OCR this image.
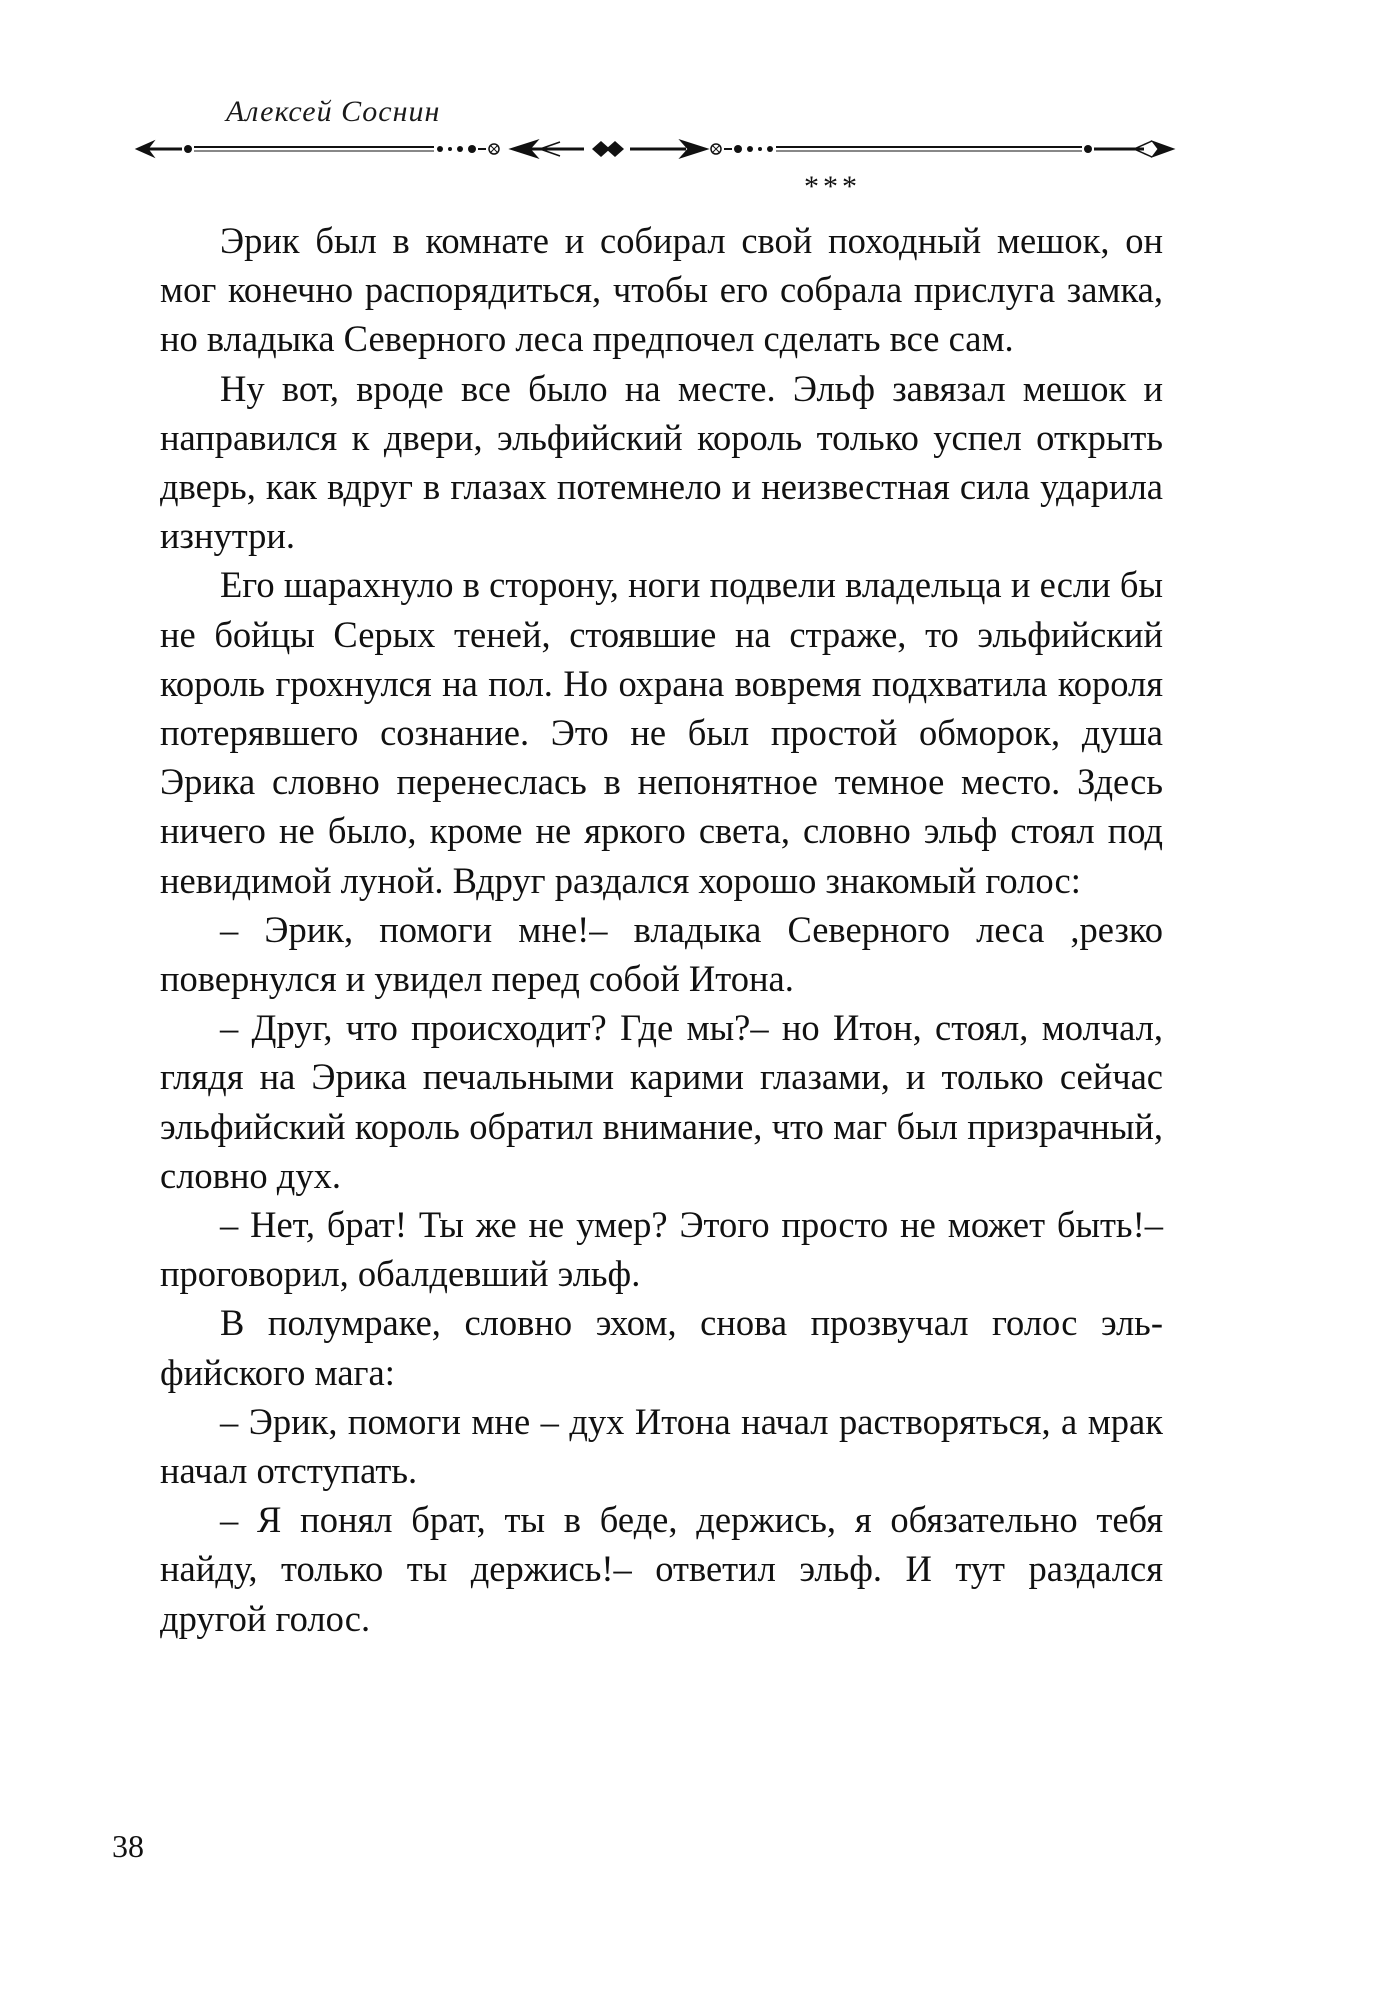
Алексей Соснин

***

Эрик был в комнате и собирал свой походный мешок, он мог конечно распорядиться, чтобы его собрала прислуга замка, но владыка Северного леса предпочел сделать все сам.

Ну вот, вроде все было на месте. Эльф завязал мешок и направился к двери, эльфийский король только успел открыть дверь, как вдруг в глазах потемнело и неизвестная сила ударила изнутри.

Его шарахнуло в сторону, ноги подвели владельца и если бы не бойцы Серых теней, стоявшие на страже, то эльфийский король грохнулся на пол. Но охрана вовремя подхватила короля потерявшего сознание. Это не был простой обморок, душа Эрика словно перенеслась в непонятное темное место. Здесь ничего не было, кроме не яркого света, словно эльф стоял под невидимой луной. Вдруг раздался хорошо знакомый голос:

– Эрик, помоги мне!– владыка Северного леса ,резко повернулся и увидел перед собой Итона.

– Друг, что происходит? Где мы?– но Итон, стоял, молчал, глядя на Эрика печальными карими глазами, и только сейчас эльфийский король обратил внимание, что маг был призрачный, словно дух.

– Нет, брат! Ты же не умер? Этого просто не может быть!– проговорил, обалдевший эльф.

В полумраке, словно эхом, снова прозвучал голос эльфийского мага:

– Эрик, помоги мне – дух Итона начал растворяться, а мрак начал отступать.

– Я понял брат, ты в беде, держись, я обязательно тебя найду, только ты держись!– ответил эльф. И тут раздался другой голос.

38
